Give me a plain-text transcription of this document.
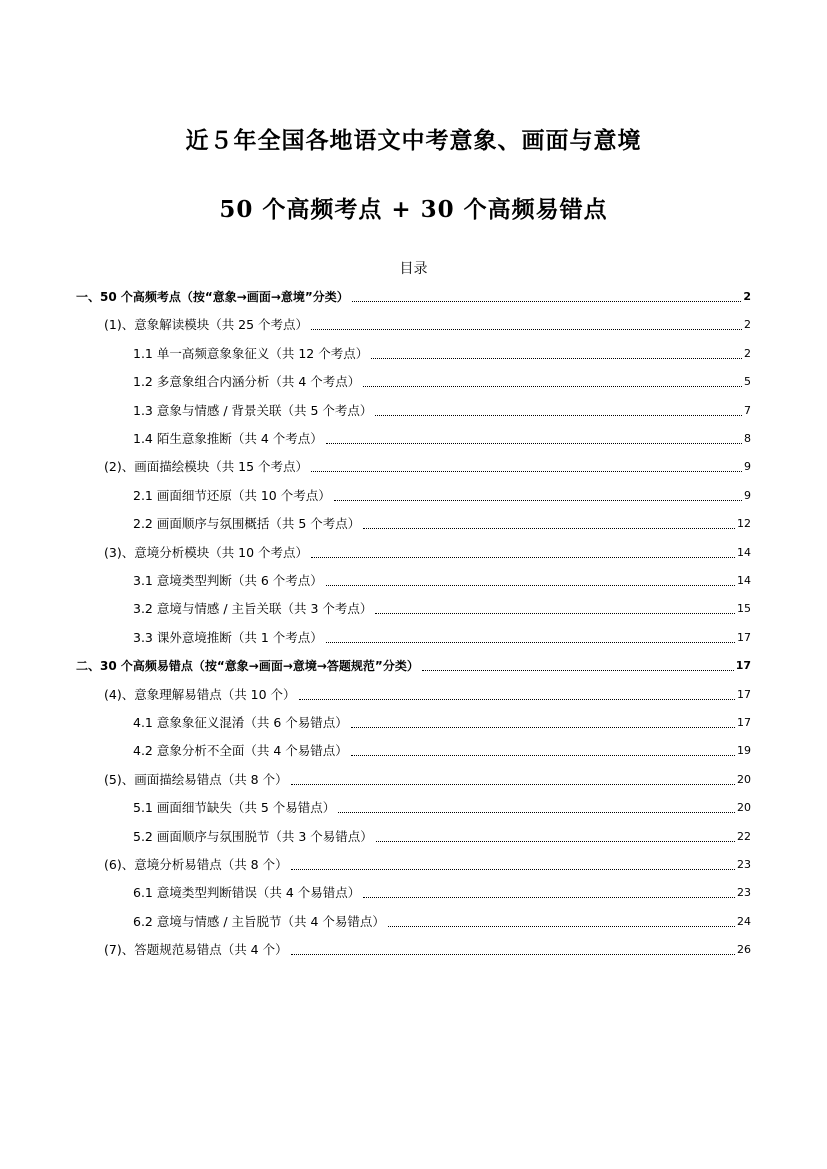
近５年全国各地语文中考意象、画面与意境
50 个高频考点 + 30 个高频易错点
目录
一、50 个高频考点（按“意象→画面→意境”分类）	2
(1)、意象解读模块（共 25 个考点）	2
1.1 单一高频意象象征义（共 12 个考点）	2
1.2 多意象组合内涵分析（共 4 个考点）	5
1.3 意象与情感 / 背景关联（共 5 个考点）	7
1.4 陌生意象推断（共 4 个考点）	8
(2)、画面描绘模块（共 15 个考点）	9
2.1 画面细节还原（共 10 个考点）	9
2.2 画面顺序与氛围概括（共 5 个考点）	12
(3)、意境分析模块（共 10 个考点）	14
3.1 意境类型判断（共 6 个考点）	14
3.2 意境与情感 / 主旨关联（共 3 个考点）	15
3.3 课外意境推断（共 1 个考点）	17
二、30 个高频易错点（按“意象→画面→意境→答题规范”分类）	17
(4)、意象理解易错点（共 10 个）	17
4.1 意象象征义混淆（共 6 个易错点）	17
4.2 意象分析不全面（共 4 个易错点）	19
(5)、画面描绘易错点（共 8 个）	20
5.1 画面细节缺失（共 5 个易错点）	20
5.2 画面顺序与氛围脱节（共 3 个易错点）	22
(6)、意境分析易错点（共 8 个）	23
6.1 意境类型判断错误（共 4 个易错点）	23
6.2 意境与情感 / 主旨脱节（共 4 个易错点）	24
(7)、答题规范易错点（共 4 个）	26
